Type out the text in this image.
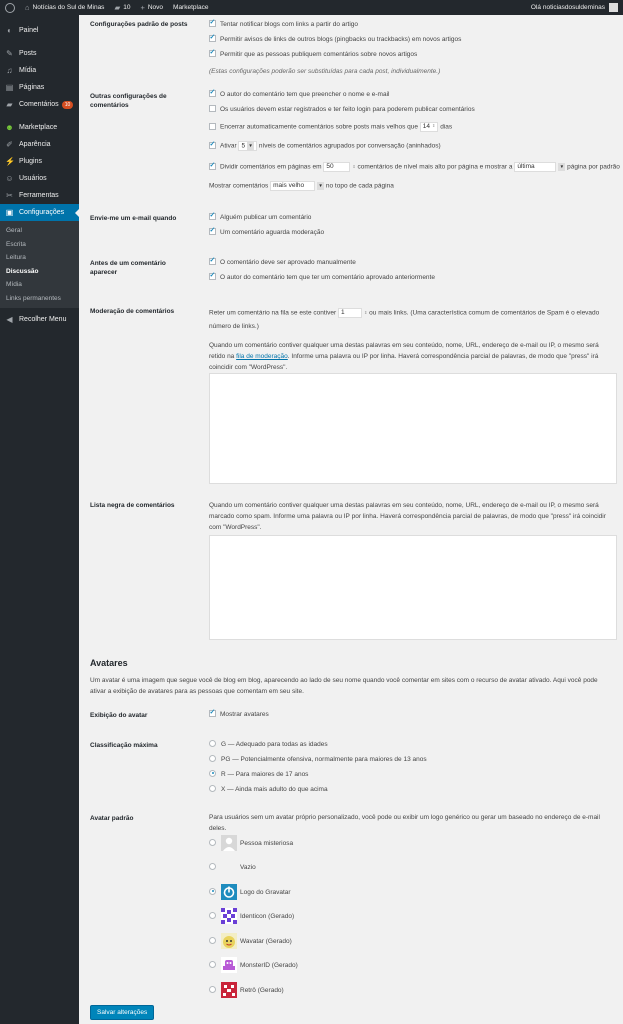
⌂ Notícias do Sul de Minas ▰ 10 + Novo Marketplace	Olá noticiasdosuldeminas
◐ Painel
✎ Posts
♫ Mídia
▤ Páginas
▰ Comentários	10
☻ Marketplace
✐ Aparência
⚡ Plugins
☺ Usuários
✂ Ferramentas
▣ Configurações
Geral
Escrita
Leitura
Discussão
Mídia
Links permanentes
◀ Recolher Menu
Configurações padrão de posts ✓	Tentar notificar blogs com links a partir do artigo
✓Permitir avisos de links de outros blogs (pingbacks ou trackbacks) em novos artigos
✓Permitir que as pessoas publiquem comentários sobre novos artigos
(Estas configurações poderão ser substituídas para cada post, individualmente.)
Outras configurações de comentários
✓O autor do comentário tem que preencher o nome e e-mail
Os usuários devem estar registrados e ter feito login para poderem publicar comentários
Encerrar automaticamente comentários sobre posts mais velhos que 14 ⇕ dias
✓Ativar 5 ▼ níveis de comentários agrupados por conversação (aninhados)
✓Dividir comentários em páginas em 50	⇕ comentários de nível mais alto por página e mostrar a última	▼ página por padrão
Mostrar comentários mais velho	▼ no topo de cada página
Envie-me um e-mail quando ✓	Alguém publicar um comentário
✓Um comentário aguarda moderação
Antes de um comentário aparecer
✓O comentário deve ser aprovado manualmente
✓O autor do comentário tem que ter um comentário aprovado anteriormente
Moderação de comentários	Reter um comentário na fila se este contiver 1	⇕ ou mais links. (Uma característica comum de comentários de Spam é o elevado
número de links.)
Quando um comentário contiver qualquer uma destas palavras em seu conteúdo, nome, URL, endereço de e-mail ou IP, o mesmo será
retido na fila de moderação. Informe uma palavra ou IP por linha. Haverá correspondência parcial de palavras, de modo que "press" irá
coincidir com "WordPress".
Lista negra de comentários	Quando um comentário contiver qualquer uma destas palavras em seu conteúdo, nome, URL, endereço de e-mail ou IP, o mesmo será
marcado como spam. Informe uma palavra ou IP por linha. Haverá correspondência parcial de palavras, de modo que "press" irá coincidir
com "WordPress".
Avatares
Um avatar é uma imagem que segue você de blog em blog, aparecendo ao lado de seu nome quando você comentar em sites com o recurso de avatar ativado. Aqui você pode
ativar a exibição de avatares para as pessoas que comentam em seu site.
Exibição do avatar ✓	Mostrar avatares
Classificação máxima	G — Adequado para todas as idades
PG — Potencialmente ofensiva, normalmente para maiores de 13 anos
R — Para maiores de 17 anos
X — Ainda mais adulto do que acima
Avatar padrão	Para usuários sem um avatar próprio personalizado, você pode ou exibir um logo genérico ou gerar um baseado no endereço de e-mail
deles.
Pessoa misteriosa
Vazio
Logo do Gravatar
Identicon (Gerado)
Wavatar (Gerado)
MonsterID (Gerado)
Retrô (Gerado)
Salvar alterações
